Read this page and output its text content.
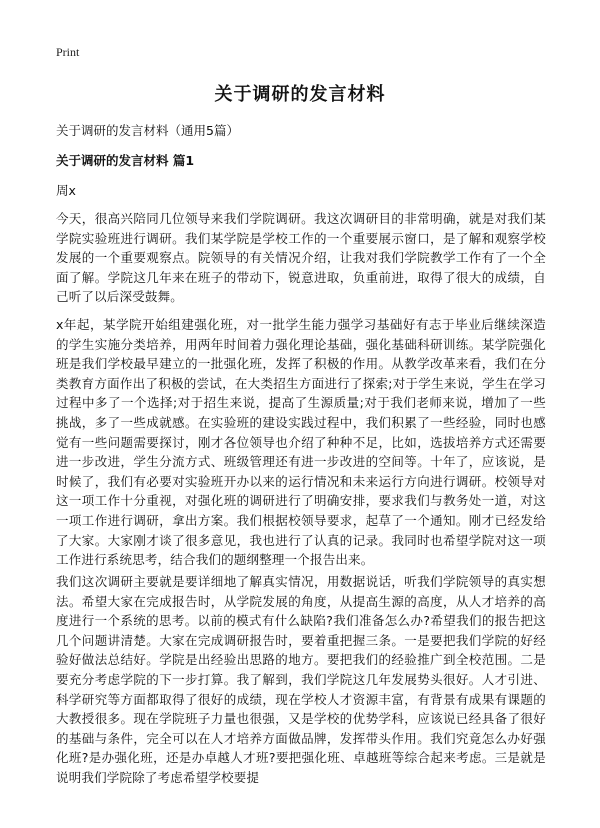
Print
关于调研的发言材料

关于调研的发言材料（通用5篇）

关于调研的发言材料 篇1

周x

今天，很高兴陪同几位领导来我们学院调研。我这次调研目的非常明确，就是对我们某学院实验班进行调研。我们某学院是学校工作的一个重要展示窗口，是了解和观察学校发展的一个重要观察点。院领导的有关情况介绍，让我对我们学院教学工作有了一个全面了解。学院这几年来在班子的带动下，锐意进取，负重前进，取得了很大的成绩，自己听了以后深受鼓舞。

x年起，某学院开始组建强化班，对一批学生能力强学习基础好有志于毕业后继续深造的学生实施分类培养，用两年时间着力强化理论基础，强化基础科研训练。某学院强化班是我们学校最早建立的一批强化班，发挥了积极的作用。从教学改革来看，我们在分类教育方面作出了积极的尝试，在大类招生方面进行了探索;对于学生来说，学生在学习过程中多了一个选择;对于招生来说，提高了生源质量;对于我们老师来说，增加了一些挑战，多了一些成就感。在实验班的建设实践过程中，我们积累了一些经验，同时也感觉有一些问题需要探讨，刚才各位领导也介绍了种种不足，比如，选拔培养方式还需要进一步改进，学生分流方式、班级管理还有进一步改进的空间等。十年了，应该说，是时候了，我们有必要对实验班开办以来的运行情况和未来运行方向进行调研。校领导对这一项工作十分重视，对强化班的调研进行了明确安排，要求我们与教务处一道，对这一项工作进行调研，拿出方案。我们根据校领导要求，起草了一个通知。刚才已经发给了大家。大家刚才谈了很多意见，我也进行了认真的记录。我同时也希望学院对这一项工作进行系统思考，结合我们的题纲整理一个报告出来。

我们这次调研主要就是要详细地了解真实情况，用数据说话，听我们学院领导的真实想法。希望大家在完成报告时，从学院发展的角度，从提高生源的高度，从人才培养的高度进行一个系统的思考。以前的模式有什么缺陷?我们准备怎么办?希望我们的报告把这几个问题讲清楚。大家在完成调研报告时，要着重把握三条。一是要把我们学院的好经验好做法总结好。学院是出经验出思路的地方。要把我们的经验推广到全校范围。二是要充分考虑学院的下一步打算。我了解到，我们学院这几年发展势头很好。人才引进、科学研究等方面都取得了很好的成绩，现在学校人才资源丰富，有背景有成果有课题的大教授很多。现在学院班子力量也很强，又是学校的优势学科，应该说已经具备了很好的基础与条件，完全可以在人才培养方面做品牌，发挥带头作用。我们究竟怎么办好强化班?是办强化班，还是办卓越人才班?要把强化班、卓越班等综合起来考虑。三是就是说明我们学院除了考虑希望学校要提
